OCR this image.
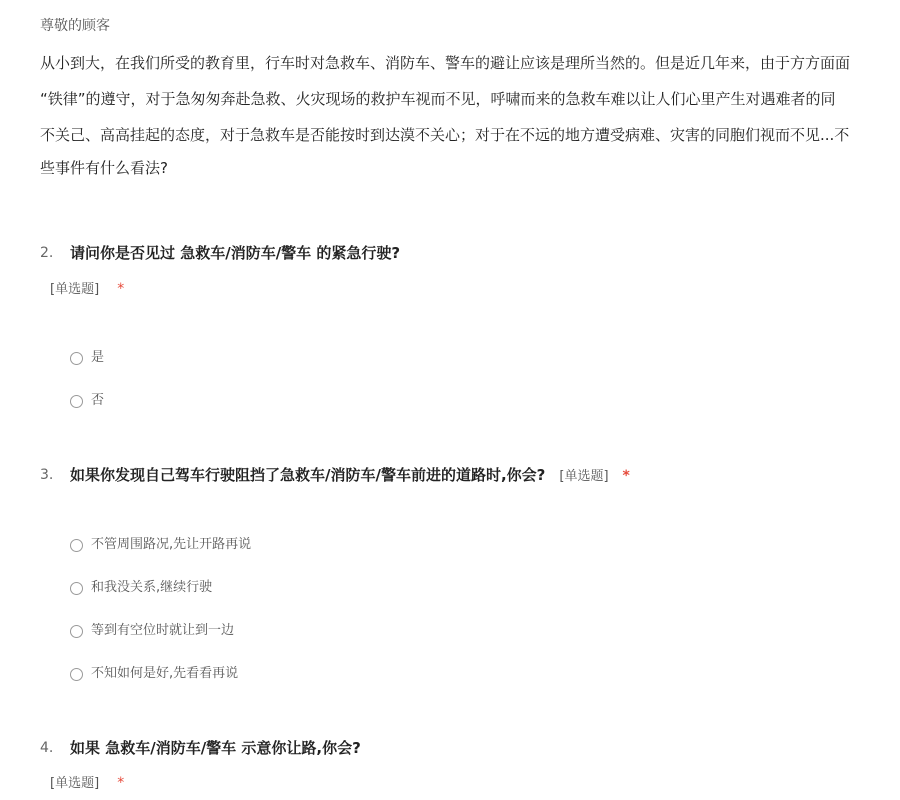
尊敬的顾客
从小到大，在我们所受的教育里，行车时对急救车、消防车、警车的避让应该是理所当然的。但是近几年来，由于方方面面
“铁律”的遵守，对于急匆匆奔赴急救、火灾现场的救护车视而不见，呼啸而来的急救车难以让人们心里产生对遇难者的同
不关己、高高挂起的态度，对于急救车是否能按时到达漠不关心；对于在不远的地方遭受病难、灾害的同胞们视而不见...不
些事件有什么看法?
2. 请问你是否见过 急救车/消防车/警车 的紧急行驶?
[单选题] *
是
否
3. 如果你发现自己驾车行驶阻挡了急救车/消防车/警车前进的道路时,你会? [单选题] *
不管周围路况,先让开路再说
和我没关系,继续行驶
等到有空位时就让到一边
不知如何是好,先看看再说
4. 如果 急救车/消防车/警车 示意你让路,你会?
[单选题] *
